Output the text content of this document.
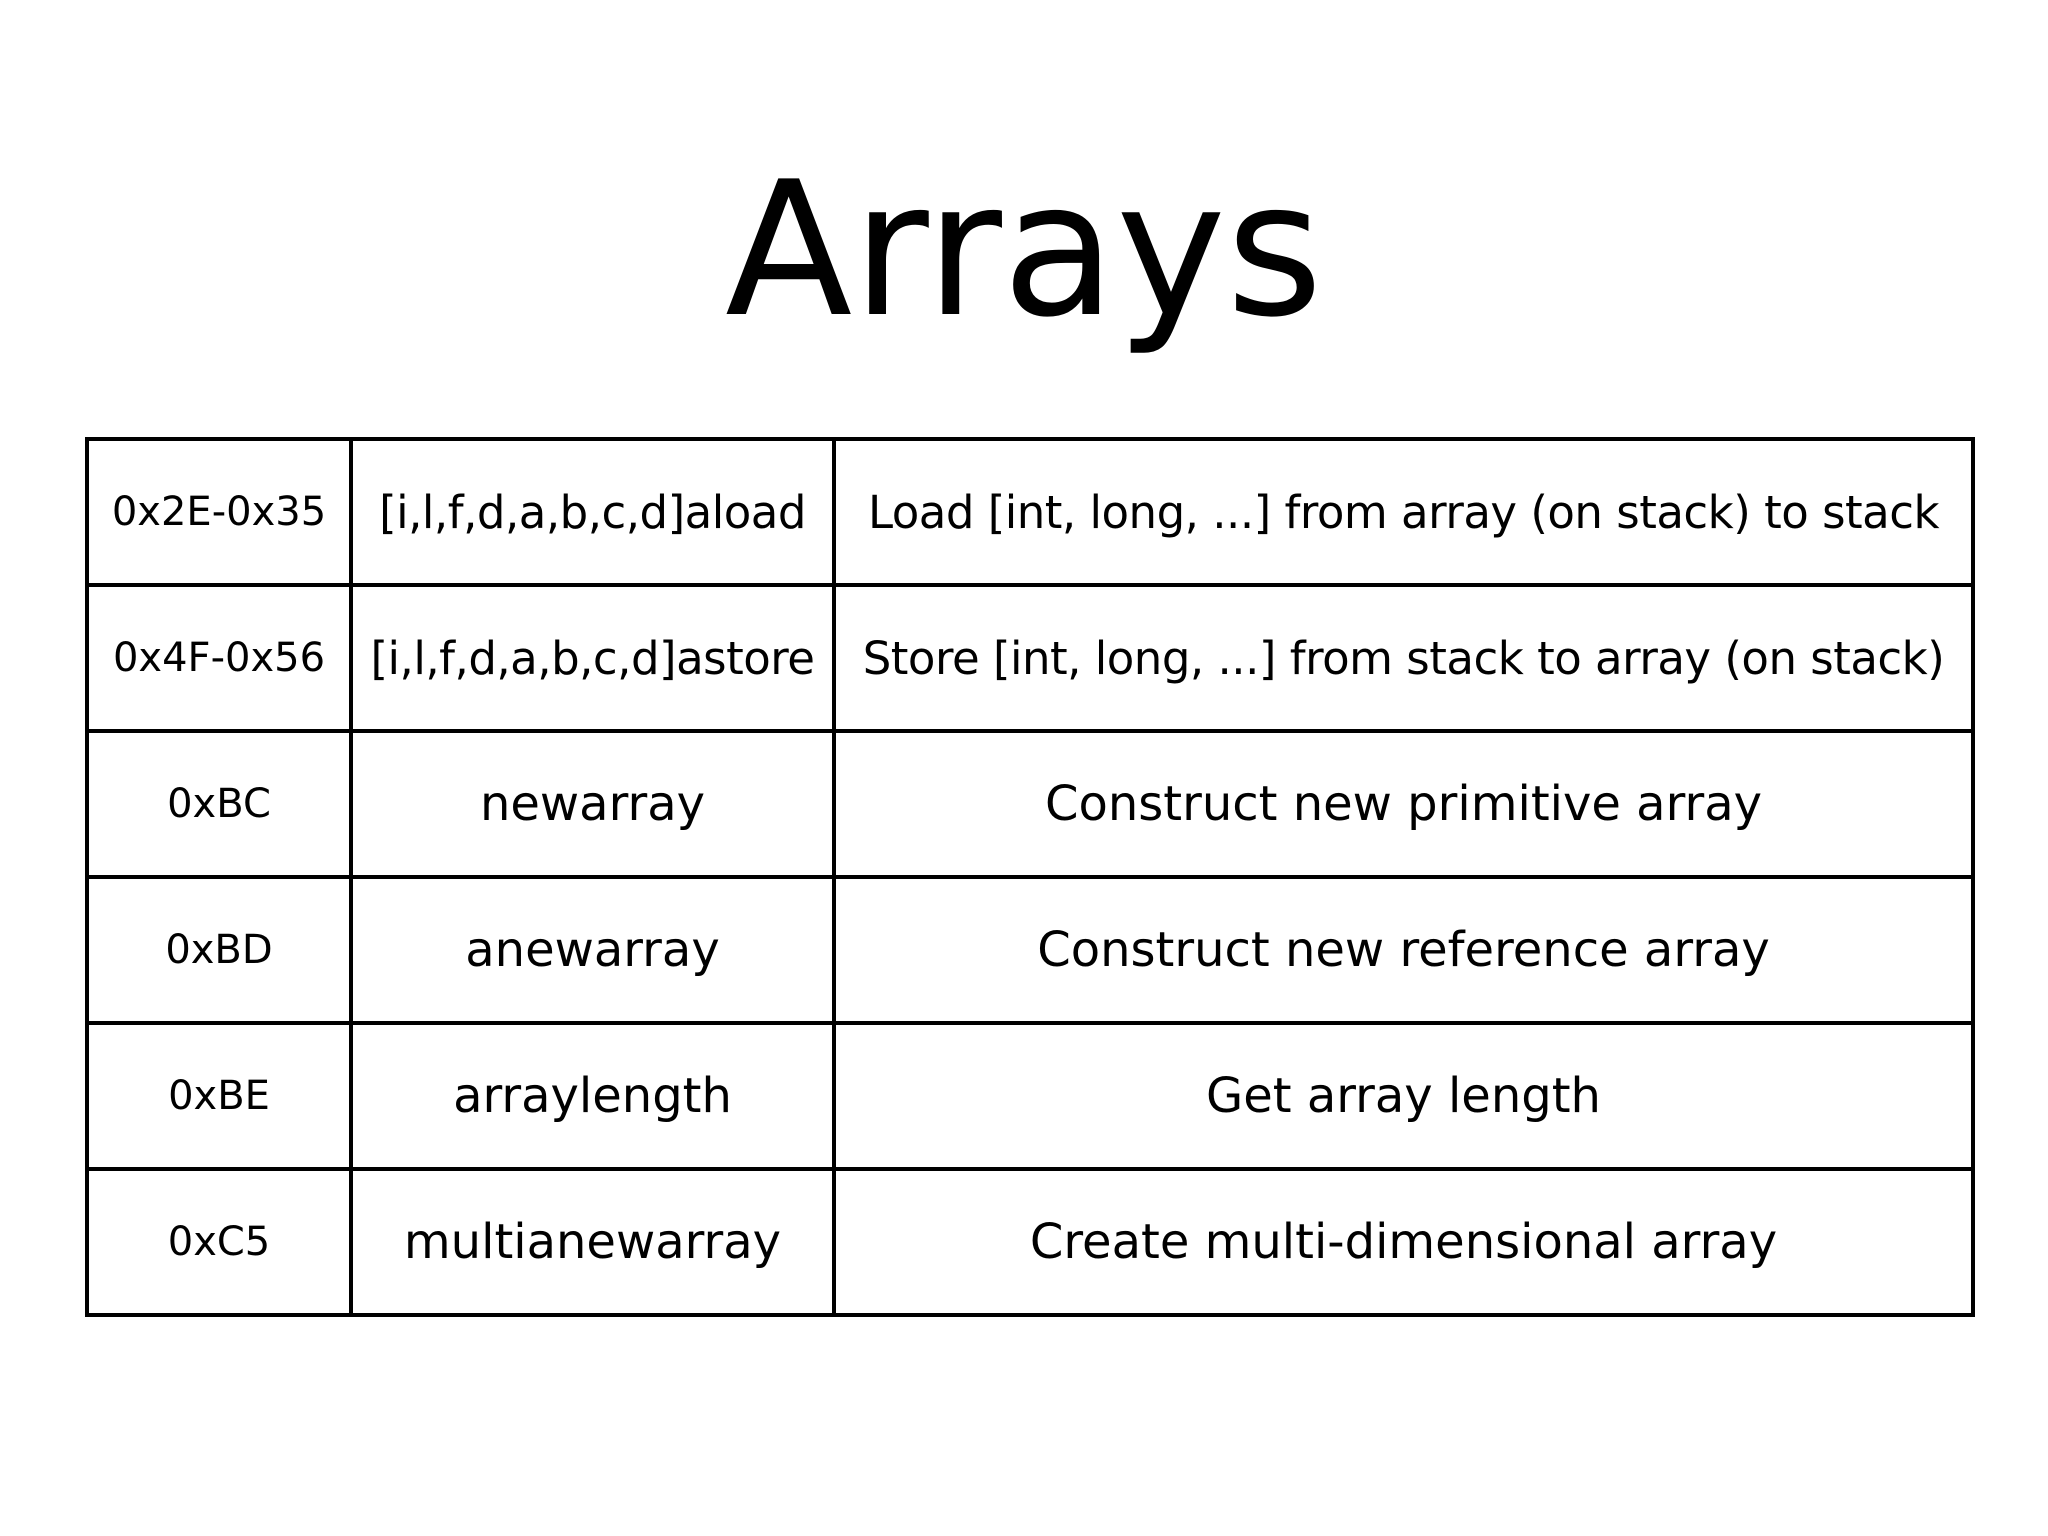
Arrays
0x2E-0x35	[i,l,f,d,a,b,c,d]aload	Load [int, long, ...] from array (on stack) to stack
0x4F-0x56	[i,l,f,d,a,b,c,d]astore	Store [int, long, ...] from stack to array (on stack)
0xBC	newarray	Construct new primitive array
0xBD	anewarray	Construct new reference array
0xBE	arraylength	Get array length
0xC5	multianewarray	Create multi-dimensional array
